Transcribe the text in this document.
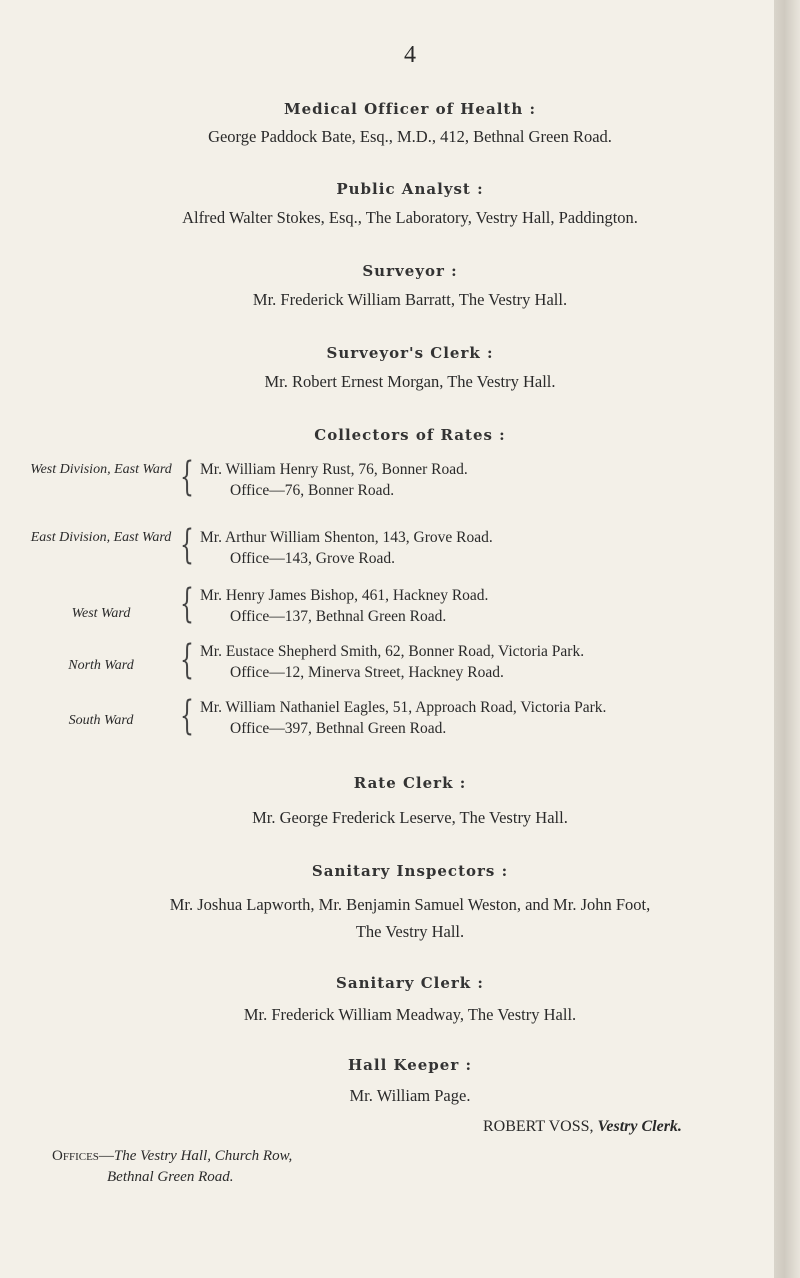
4
Medical Officer of Health :
George Paddock Bate, Esq., M.D., 412, Bethnal Green Road.
Public Analyst :
Alfred Walter Stokes, Esq., The Laboratory, Vestry Hall, Paddington.
Surveyor :
Mr. Frederick William Barratt, The Vestry Hall.
Surveyor's Clerk :
Mr. Robert Ernest Morgan, The Vestry Hall.
Collectors of Rates :
West Division, East Ward { Mr. William Henry Rust, 76, Bonner Road.
Office—76, Bonner Road.
East Division, East Ward { Mr. Arthur William Shenton, 143, Grove Road.
Office—143, Grove Road.
West Ward	{ Mr. Henry James Bishop, 461, Hackney Road.
Office—137, Bethnal Green Road.
North Ward	{ Mr. Eustace Shepherd Smith, 62, Bonner Road, Victoria Park.
Office—12, Minerva Street, Hackney Road.
South Ward	{ Mr. William Nathaniel Eagles, 51, Approach Road, Victoria Park.
Office—397, Bethnal Green Road.
Rate Clerk :
Mr. George Frederick Leserve, The Vestry Hall.
Sanitary Inspectors :
Mr. Joshua Lapworth, Mr. Benjamin Samuel Weston, and Mr. John Foot,
The Vestry Hall.
Sanitary Clerk :
Mr. Frederick William Meadway, The Vestry Hall.
Hall Keeper :
Mr. William Page.
Offices—The Vestry Hall, Church Row,
Bethnal Green Road.
ROBERT VOSS, Vestry Clerk.
